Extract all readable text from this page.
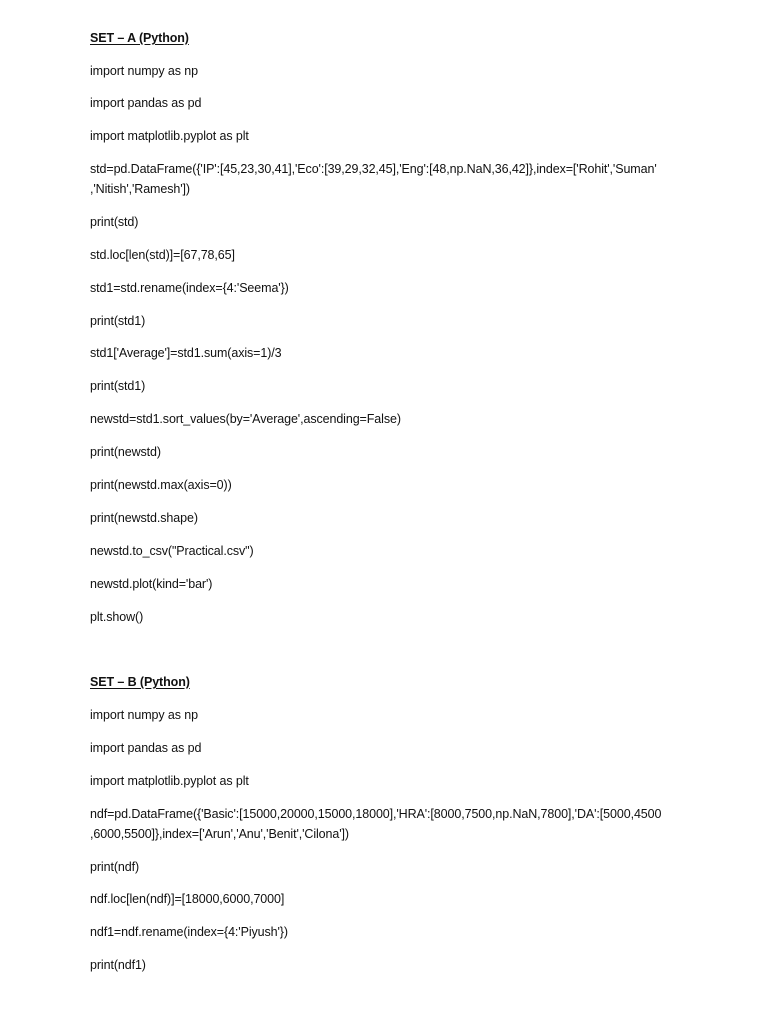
SET – A (Python)
import numpy as np
import pandas as pd
import matplotlib.pyplot as plt
std=pd.DataFrame({'IP':[45,23,30,41],'Eco':[39,29,32,45],'Eng':[48,np.NaN,36,42]},index=['Rohit','Suman'
,'Nitish','Ramesh'])
print(std)
std.loc[len(std)]=[67,78,65]
std1=std.rename(index={4:'Seema'})
print(std1)
std1['Average']=std1.sum(axis=1)/3
print(std1)
newstd=std1.sort_values(by='Average',ascending=False)
print(newstd)
print(newstd.max(axis=0))
print(newstd.shape)
newstd.to_csv("Practical.csv")
newstd.plot(kind='bar')
plt.show()
SET – B (Python)
import numpy as np
import pandas as pd
import matplotlib.pyplot as plt
ndf=pd.DataFrame({'Basic':[15000,20000,15000,18000],'HRA':[8000,7500,np.NaN,7800],'DA':[5000,4500
,6000,5500]},index=['Arun','Anu','Benit','Cilona'])
print(ndf)
ndf.loc[len(ndf)]=[18000,6000,7000]
ndf1=ndf.rename(index={4:'Piyush'})
print(ndf1)
